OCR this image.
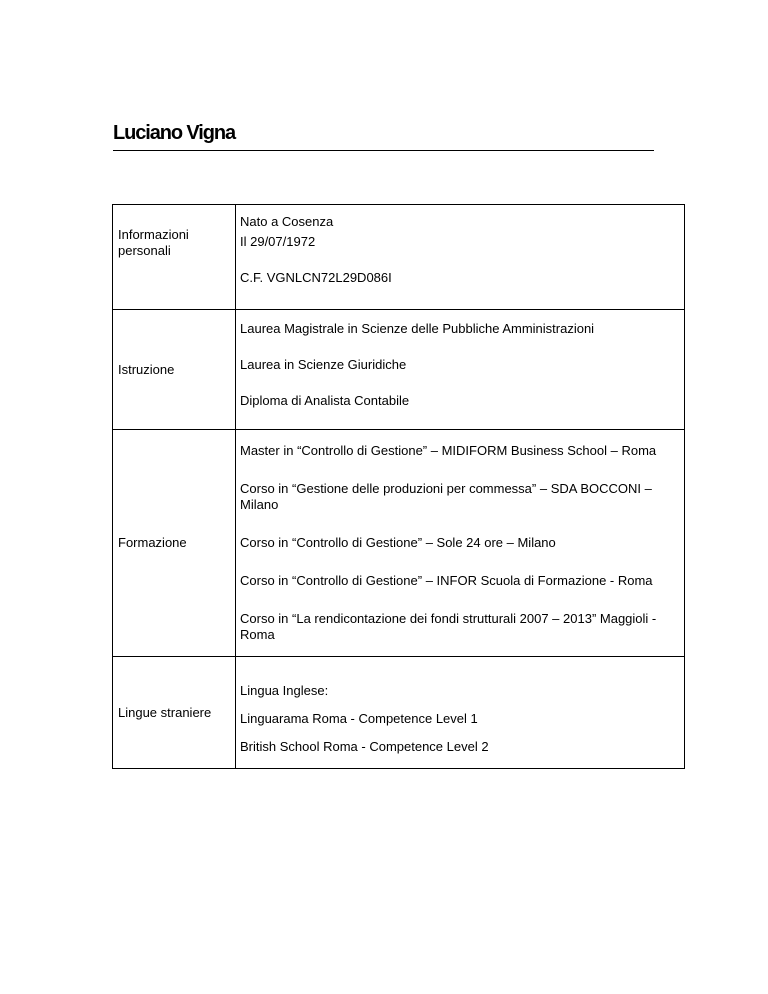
Luciano Vigna
Informazioni
personali
Nato a Cosenza
Il 29/07/1972
C.F. VGNLCN72L29D086I
Istruzione
Laurea Magistrale in Scienze delle Pubbliche Amministrazioni
Laurea in Scienze Giuridiche
Diploma di Analista Contabile
Formazione
Master in “Controllo di Gestione” – MIDIFORM Business School – Roma
Corso in “Gestione delle produzioni per commessa” – SDA BOCCONI –
Milano
Corso in “Controllo di Gestione” – Sole 24 ore – Milano
Corso in “Controllo di Gestione” – INFOR Scuola di Formazione - Roma
Corso in “La rendicontazione dei fondi strutturali 2007 – 2013” Maggioli -
Roma
Lingue straniere
Lingua Inglese:
Linguarama Roma - Competence Level 1
British School Roma - Competence Level 2
